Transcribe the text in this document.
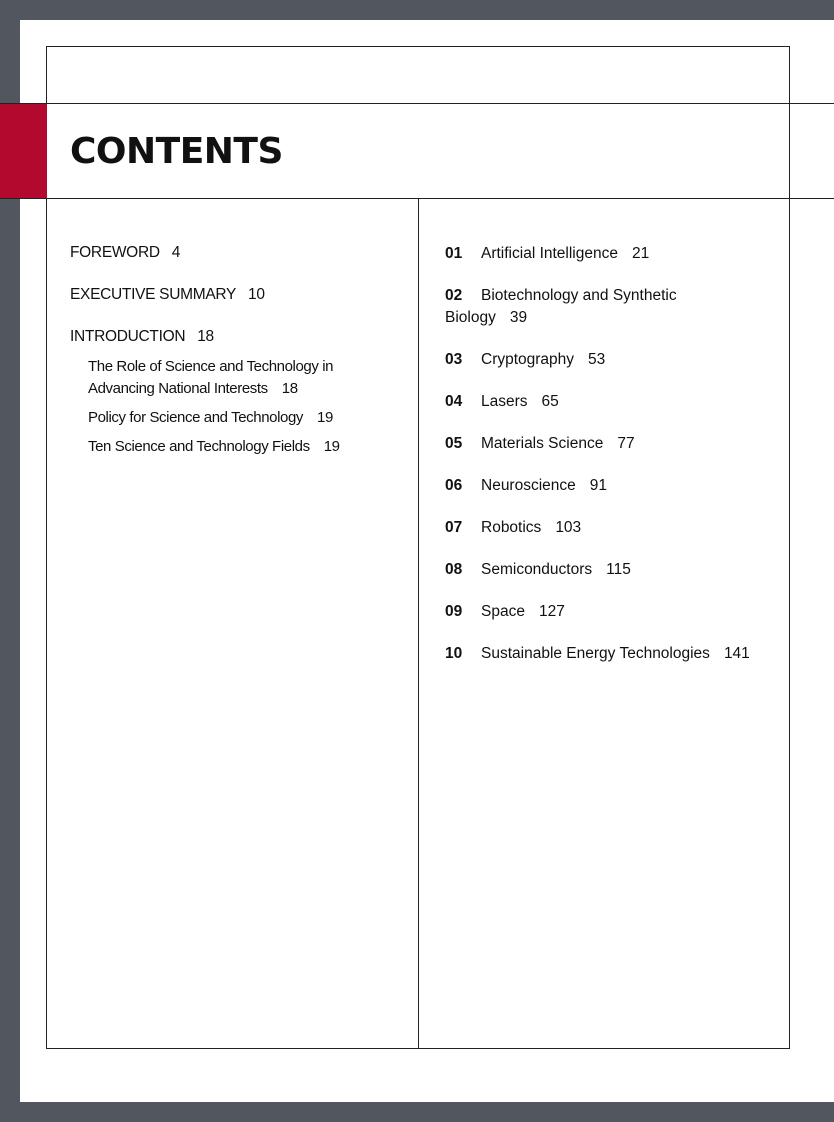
CONTENTS
FOREWORD 4
EXECUTIVE SUMMARY 10
INTRODUCTION 18
The Role of Science and Technology in
Advancing National Interests 18
Policy for Science and Technology 19
Ten Science and Technology Fields 19
01 Artificial Intelligence 21
02 Biotechnology and Synthetic
Biology 39
03 Cryptography 53
04 Lasers 65
05 Materials Science 77
06 Neuroscience 91
07 Robotics 103
08 Semiconductors 115
09 Space 127
10 Sustainable Energy Technologies 141
